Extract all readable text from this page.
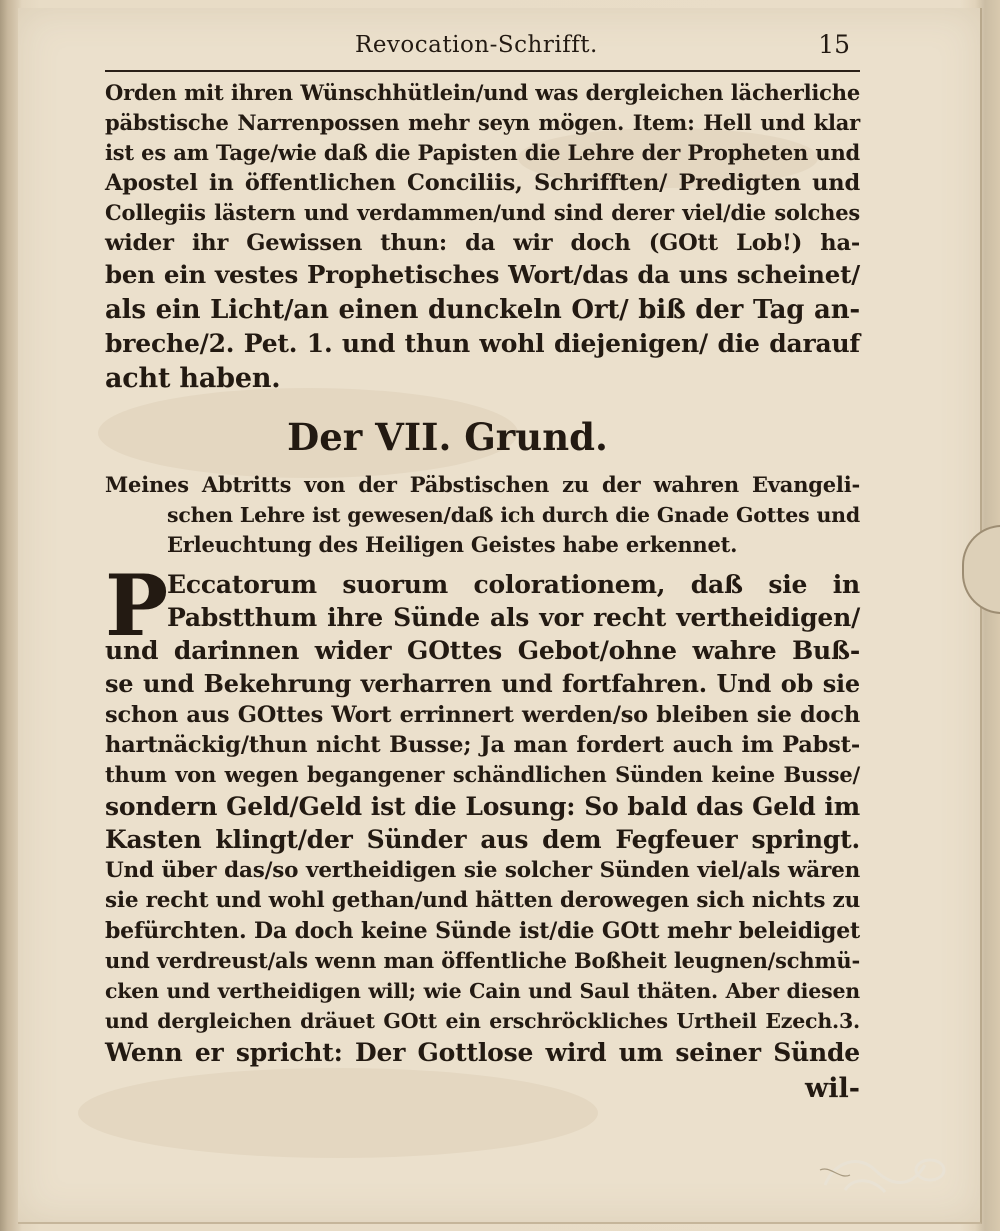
Revocation-Schrifft.	15
Orden mit ihren Wünschhütlein/und was dergleichen lächerliche
päbstische Narrenpossen mehr seyn mögen. Item: Hell und klar
ist es am Tage/wie daß die Papisten die Lehre der Propheten und
Apostel in öffentlichen Conciliis, Schrifften/ Predigten und
Collegiis lästern und verdammen/und sind derer viel/die solches
wider ihr Gewissen thun: da wir doch (GOtt Lob!) ha-
ben ein vestes Prophetisches Wort/das da uns scheinet/
als ein Licht/an einen dunckeln Ort/ biß der Tag an-
breche/2. Pet. 1. und thun wohl diejenigen/ die darauf
acht haben.
Der VII. Grund.
Meines Abtritts von der Päbstischen zu der wahren Evangeli-
schen Lehre ist gewesen/daß ich durch die Gnade Gottes und
Erleuchtung des Heiligen Geistes habe erkennet.
P
Eccatorum suorum colorationem, daß sie in
Pabstthum ihre Sünde als vor recht vertheidigen/
und darinnen wider GOttes Gebot/ohne wahre Buß-
se und Bekehrung verharren und fortfahren. Und ob sie
schon aus GOttes Wort errinnert werden/so bleiben sie doch
hartnäckig/thun nicht Busse; Ja man fordert auch im Pabst-
thum von wegen begangener schändlichen Sünden keine Busse/
sondern Geld/Geld ist die Losung: So bald das Geld im
Kasten klingt/der Sünder aus dem Fegfeuer springt.
Und über das/so vertheidigen sie solcher Sünden viel/als wären
sie recht und wohl gethan/und hätten derowegen sich nichts zu
befürchten. Da doch keine Sünde ist/die GOtt mehr beleidiget
und verdreust/als wenn man öffentliche Boßheit leugnen/schmü-
cken und vertheidigen will; wie Cain und Saul thäten. Aber diesen
und dergleichen dräuet GOtt ein erschröckliches Urtheil Ezech.3.
Wenn er spricht: Der Gottlose wird um seiner Sünde
wil-
